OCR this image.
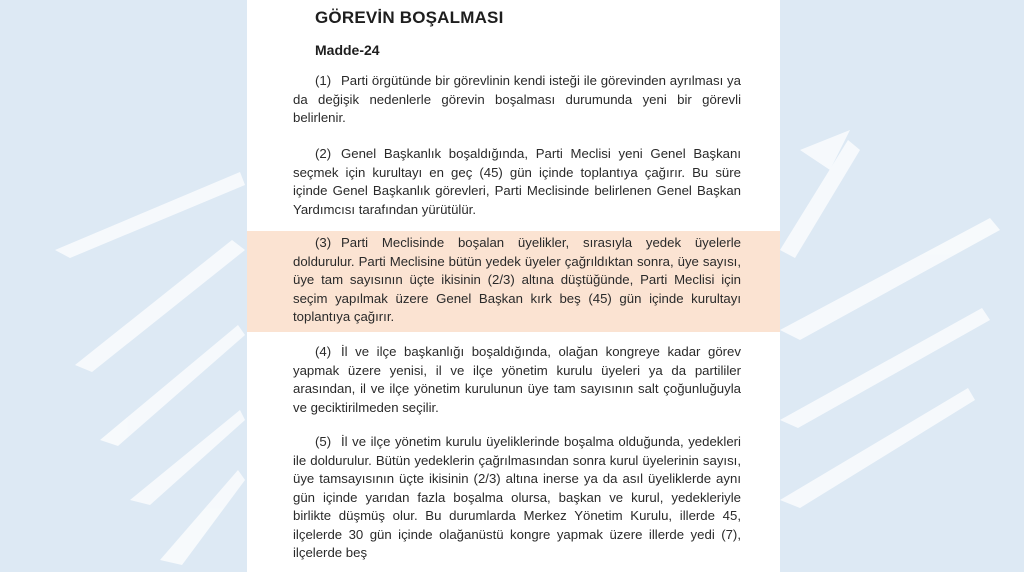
GÖREVİN BOŞALMASI
Madde-24

(1) Parti örgütünde bir görevlinin kendi isteği ile görevinden ayrılması ya da değişik nedenlerle görevin boşalması durumunda yeni bir görevli belirlenir.

(2) Genel Başkanlık boşaldığında, Parti Meclisi yeni Genel Başkanı seçmek için kurultayı en geç (45) gün içinde toplantıya çağırır. Bu süre içinde Genel Başkanlık görevleri, Parti Meclisinde belirlenen Genel Başkan Yardımcısı tarafından yürütülür.

(3) Parti Meclisinde boşalan üyelikler, sırasıyla yedek üyelerle doldurulur. Parti Meclisine bütün yedek üyeler çağrıldıktan sonra, üye sayısı, üye tam sayısının üçte ikisinin (2/3) altına düştüğünde, Parti Meclisi için seçim yapılmak üzere Genel Başkan kırk beş (45) gün içinde kurultayı toplantıya çağırır.

(4) İl ve ilçe başkanlığı boşaldığında, olağan kongreye kadar görev yapmak üzere yenisi, il ve ilçe yönetim kurulu üyeleri ya da partililer arasından, il ve ilçe yönetim kurulunun üye tam sayısının salt çoğunluğuyla ve geciktirilmeden seçilir.

(5) İl ve ilçe yönetim kurulu üyeliklerinde boşalma olduğunda, yedekleri ile doldurulur. Bütün yedeklerin çağrılmasından sonra kurul üyelerinin sayısı, üye tamsayısının üçte ikisinin (2/3) altına inerse ya da asıl üyeliklerde aynı gün içinde yarıdan fazla boşalma olursa, başkan ve kurul, yedekleriyle birlikte düşmüş olur. Bu durumlarda Merkez Yönetim Kurulu, illerde 45, ilçelerde 30 gün içinde olağanüstü kongre yapmak üzere illerde yedi (7), ilçelerde beş
